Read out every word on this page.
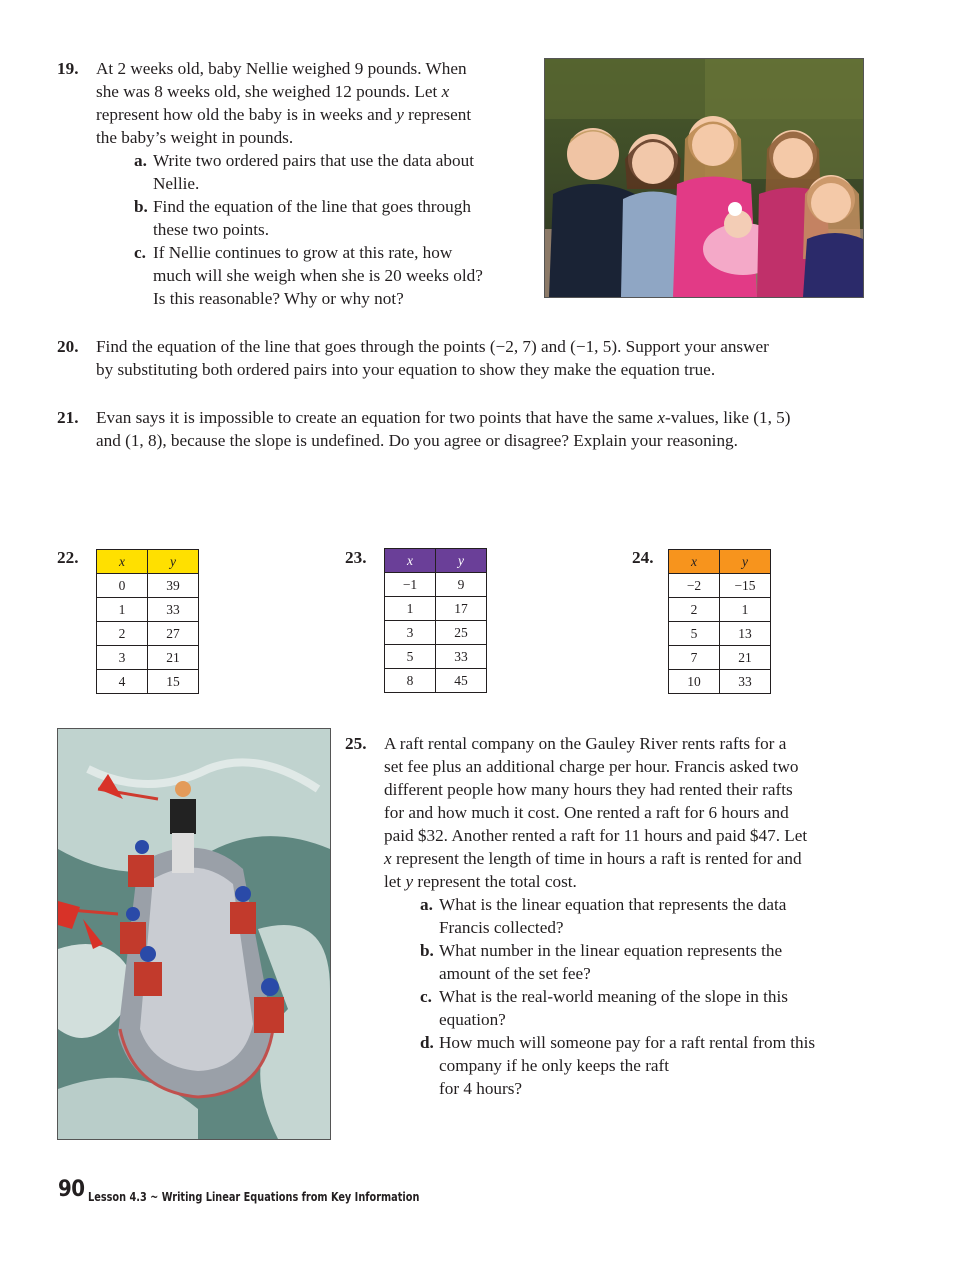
19. At 2 weeks old, baby Nellie weighed 9 pounds. When
she was 8 weeks old, she weighed 12 pounds. Let x
represent how old the baby is in weeks and y represent
the baby’s weight in pounds.
a. Write two ordered pairs that use the data about
Nellie.
b. Find the equation of the line that goes through
these two points.
c. If Nellie continues to grow at this rate, how
much will she weigh when she is 20 weeks old?
Is this reasonable? Why or why not?
20. Find the equation of the line that goes through the points (−2, 7) and (−1, 5). Support your answer
by substituting both ordered pairs into your equation to show they make the equation true.
21. Evan says it is impossible to create an equation for two points that have the same x-values, like (1, 5)
and (1, 8), because the slope is undefined. Do you agree or disagree? Explain your reasoning.
22.	x	y
0	39
1	33
2	27
3	21
4	15
23.	x	y
−1	9
1	17
3	25
5	33
8	45
24.	x	y
−2	−15
2	1
5	13
7	21
10	33
25. A raft rental company on the Gauley River rents rafts for a
set fee plus an additional charge per hour. Francis asked two
different people how many hours they had rented their rafts
for and how much it cost. One rented a raft for 6 hours and
paid $32. Another rented a raft for 11 hours and paid $47. Let
x represent the length of time in hours a raft is rented for and
let y represent the total cost.
a. What is the linear equation that represents the data
Francis collected?
b. What number in the linear equation represents the
amount of the set fee?
c. What is the real-world meaning of the slope in this
equation?
d. How much will someone pay for a raft rental from this
company if he only keeps the raft
for 4 hours?
90 Lesson 4.3 ~ Writing Linear Equations from Key Information
